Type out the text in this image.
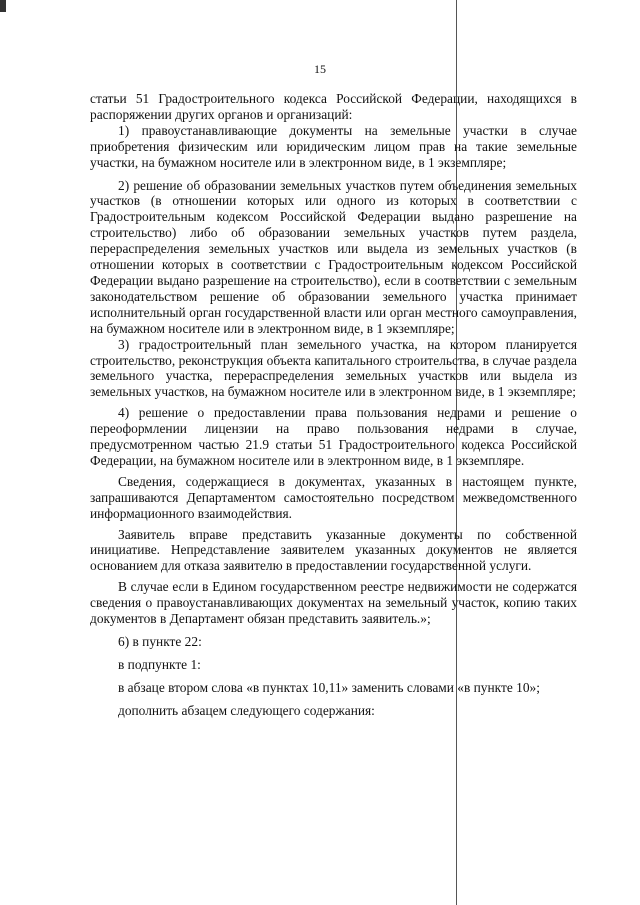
15

статьи 51 Градостроительного кодекса Российской Федерации, находящихся в распоряжении других органов и организаций:

1) правоустанавливающие документы на земельные участки в случае приобретения физическим или юридическим лицом прав на такие земельные участки, на бумажном носителе или в электронном виде, в 1 экземпляре;

2) решение об образовании земельных участков путем объединения земельных участков (в отношении которых или одного из которых в соответствии с Градостроительным кодексом Российской Федерации выдано разрешение на строительство) либо об образовании земельных участков путем раздела, перераспределения земельных участков или выдела из земельных участков (в отношении которых в соответствии с Градостроительным кодексом Российской Федерации выдано разрешение на строительство), если в соответствии с земельным законодательством решение об образовании земельного участка принимает исполнительный орган государственной власти или орган местного самоуправления, на бумажном носителе или в электронном виде, в 1 экземпляре;

3) градостроительный план земельного участка, на котором планируется строительство, реконструкция объекта капитального строительства, в случае раздела земельного участка, перераспределения земельных участков или выдела из земельных участков, на бумажном носителе или в электронном виде, в 1 экземпляре;

4) решение о предоставлении права пользования недрами и решение о переоформлении лицензии на право пользования недрами в случае, предусмотренном частью 21.9 статьи 51 Градостроительного кодекса Российской Федерации, на бумажном носителе или в электронном виде, в 1 экземпляре.

Сведения, содержащиеся в документах, указанных в настоящем пункте, запрашиваются Департаментом самостоятельно посредством межведомственного информационного взаимодействия.

Заявитель вправе представить указанные документы по собственной инициативе. Непредставление заявителем указанных документов не является основанием для отказа заявителю в предоставлении государственной услуги.

В случае если в Едином государственном реестре недвижимости не содержатся сведения о правоустанавливающих документах на земельный участок, копию таких документов в Департамент обязан представить заявитель.»;

6) в пункте 22:

в подпункте 1:

в абзаце втором слова «в пунктах 10,11» заменить словами «в пункте 10»;

дополнить абзацем следующего содержания:
